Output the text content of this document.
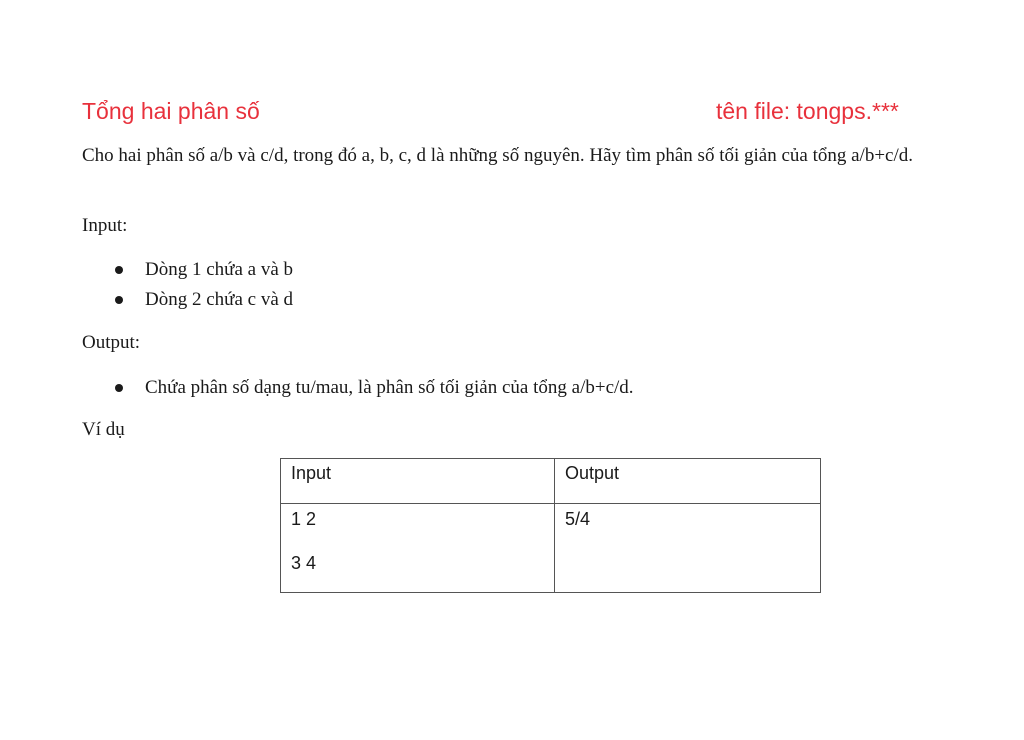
Tổng hai phân số	tên file: tongps.***
Cho hai phân số a/b và c/d, trong đó a, b, c, d là những số nguyên. Hãy tìm phân số tối giản của tổng a/b+c/d.
Input:
Dòng 1 chứa a và b
Dòng 2 chứa c và d
Output:
Chứa phân số dạng tu/mau, là phân số tối giản của tổng a/b+c/d.
Ví dụ
Input	Output

1 2
3 4	5/4
